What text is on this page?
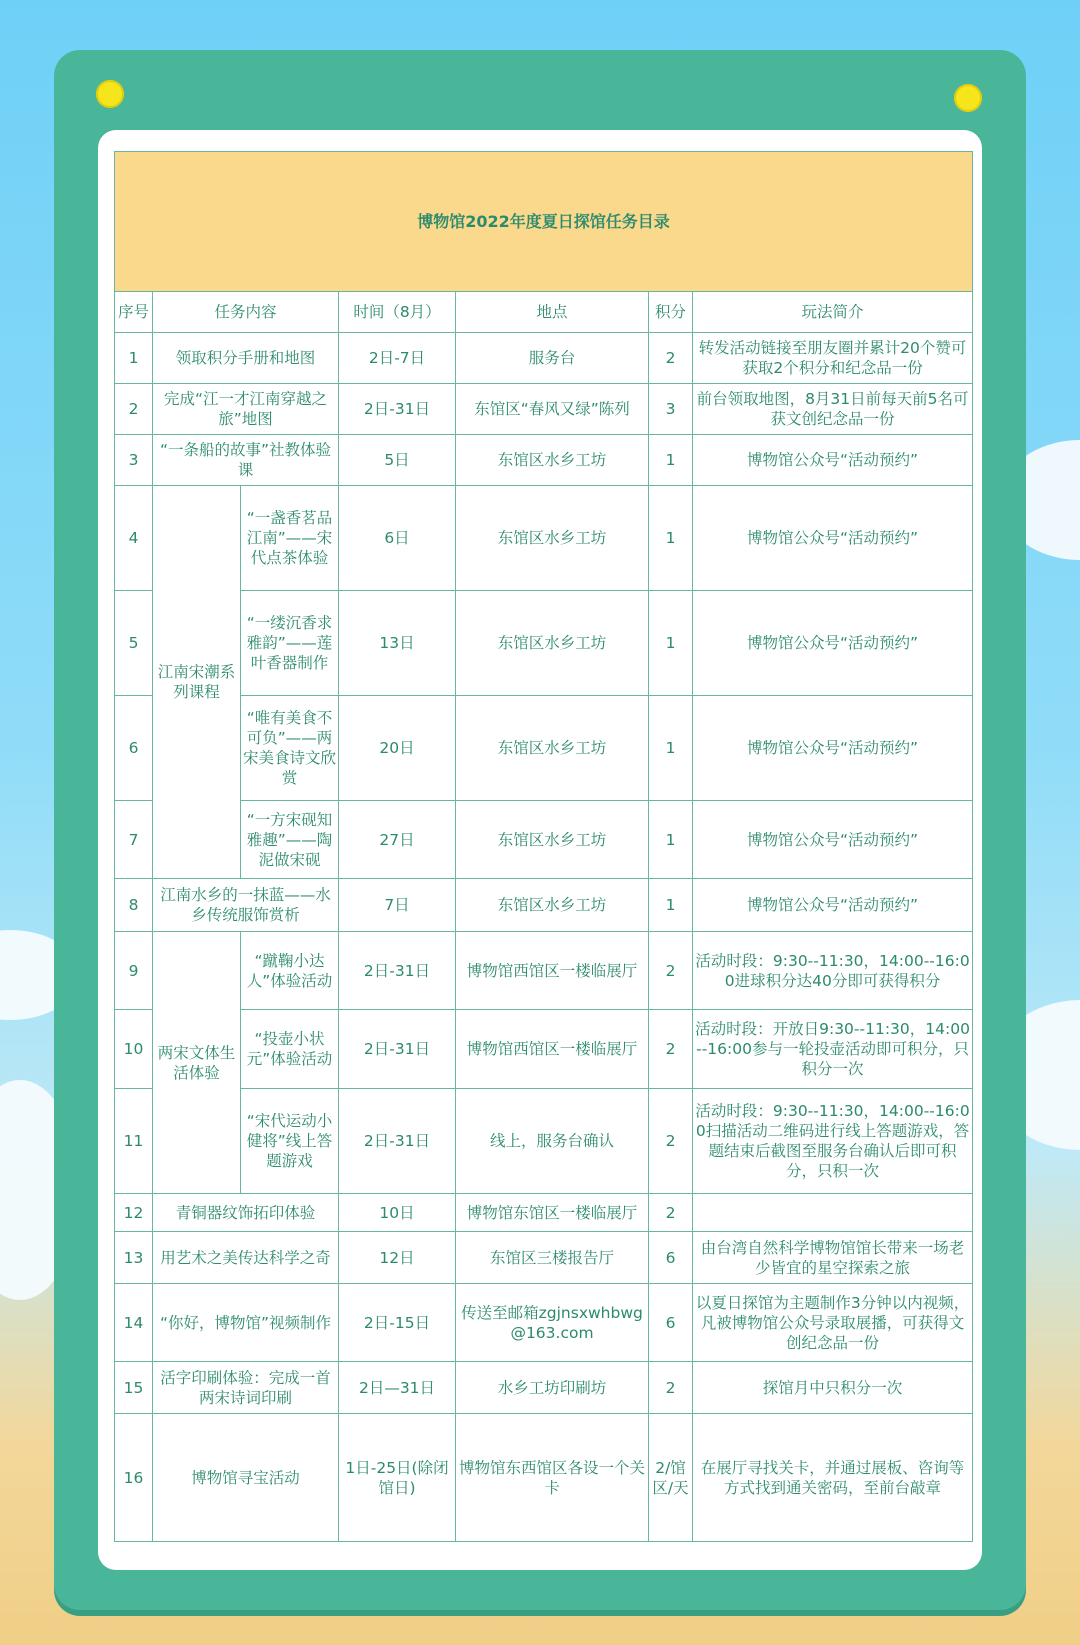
博物馆2022年度夏日探馆任务目录						
序号	任务内容		时间（8月）	地点	积分	玩法简介
1	领取积分手册和地图		2日-7日	服务台	2	转发活动链接至朋友圈并累计20个赞可获取2个积分和纪念品一份
2	完成“江一才江南穿越之旅”地图		2日-31日	东馆区“春风又绿”陈列	3	前台领取地图，8月31日前每天前5名可获文创纪念品一份
3	“一条船的故事”社教体验课		5日	东馆区水乡工坊	1	博物馆公众号“活动预约”
4	江南宋潮系列课程	“一盏香茗品江南”——宋代点茶体验	6日	东馆区水乡工坊	1	博物馆公众号“活动预约”
5		“一缕沉香求雅韵”——莲叶香器制作	13日	东馆区水乡工坊	1	博物馆公众号“活动预约”
6		“唯有美食不可负”——两宋美食诗文欣赏	20日	东馆区水乡工坊	1	博物馆公众号“活动预约”
7		“一方宋砚知雅趣”——陶泥做宋砚	27日	东馆区水乡工坊	1	博物馆公众号“活动预约”
8	江南水乡的一抹蓝——水乡传统服饰赏析		7日	东馆区水乡工坊	1	博物馆公众号“活动预约”
9	两宋文体生活体验	“蹴鞠小达人”体验活动	2日-31日	博物馆西馆区一楼临展厅	2	活动时段：9:30--11:30，14:00--16:00进球积分达40分即可获得积分
10		“投壶小状元”体验活动	2日-31日	博物馆西馆区一楼临展厅	2	活动时段：开放日9:30--11:30，14:00--16:00参与一轮投壶活动即可积分，只积分一次
11		“宋代运动小健将”线上答题游戏	2日-31日	线上，服务台确认	2	活动时段：9:30--11:30，14:00--16:00扫描活动二维码进行线上答题游戏，答题结束后截图至服务台确认后即可积分，只积一次
12	青铜器纹饰拓印体验		10日	博物馆东馆区一楼临展厅	2	
13	用艺术之美传达科学之奇		12日	东馆区三楼报告厅	6	由台湾自然科学博物馆馆长带来一场老少皆宜的星空探索之旅
14	“你好，博物馆”视频制作		2日-15日	传送至邮箱zgjnsxwhbwg@163.com	6	以夏日探馆为主题制作3分钟以内视频，凡被博物馆公众号录取展播，可获得文创纪念品一份
15	活字印刷体验：完成一首两宋诗词印刷		2日—31日	水乡工坊印刷坊	2	探馆月中只积分一次
16	博物馆寻宝活动		1日-25日(除闭馆日)	博物馆东西馆区各设一个关卡	2/馆区/天	在展厅寻找关卡，并通过展板、咨询等方式找到通关密码，至前台敲章
